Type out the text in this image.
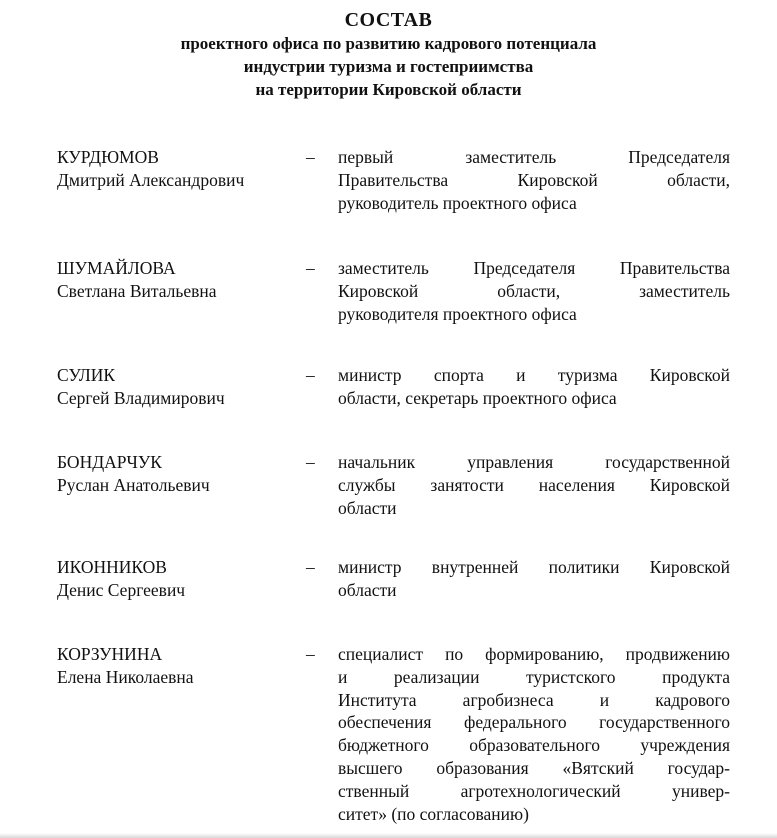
СОСТАВ
проектного офиса по развитию кадрового потенциала
индустрии туризма и гостеприимства
на территории Кировской области
КУРДЮМОВ
Дмитрий Александрович
– первый заместитель Председателя
Правительства Кировской области,
руководитель проектного офиса
ШУМАЙЛОВА
Светлана Витальевна
– заместитель Председателя Правительства
Кировской области, заместитель
руководителя проектного офиса
СУЛИК
Сергей Владимирович
– министр спорта и туризма Кировской
области, секретарь проектного офиса
БОНДАРЧУК
Руслан Анатольевич
– начальник управления государственной
службы занятости населения Кировской
области
ИКОННИКОВ
Денис Сергеевич
– министр внутренней политики Кировской
области
КОРЗУНИНА
Елена Николаевна
– специалист по формированию, продвижению
и реализации туристского продукта
Института агробизнеса и кадрового
обеспечения федерального государственного
бюджетного образовательного учреждения
высшего образования «Вятский государ-
ственный агротехнологический универ-
ситет» (по согласованию)
